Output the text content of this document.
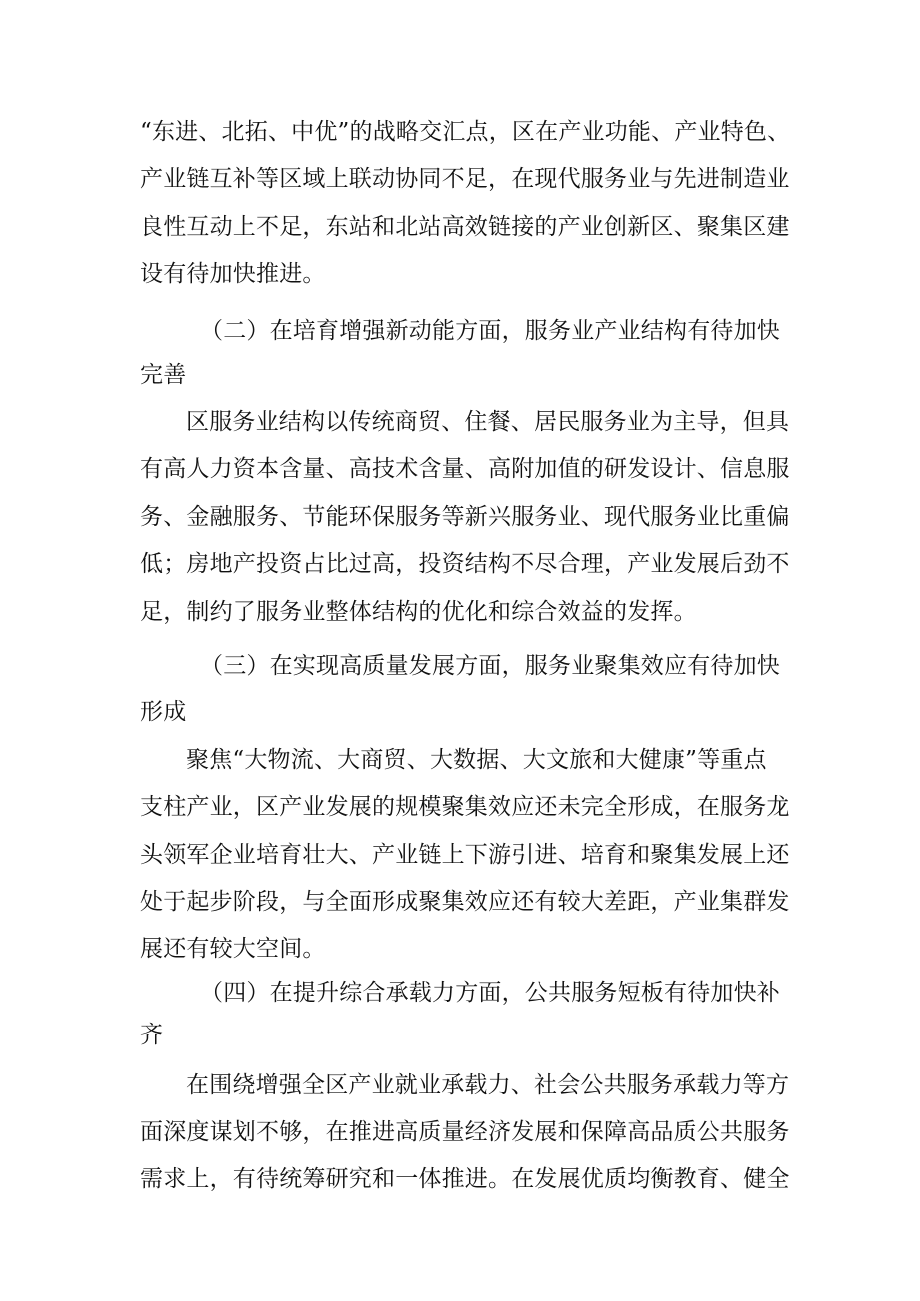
“东进、北拓、中优”的战略交汇点，区在产业功能、产业特色、
产业链互补等区域上联动协同不足，在现代服务业与先进制造业
良性互动上不足，东站和北站高效链接的产业创新区、聚集区建
设有待加快推进。
（二）在培育增强新动能方面，服务业产业结构有待加快
完善
区服务业结构以传统商贸、住餐、居民服务业为主导，但具
有高人力资本含量、高技术含量、高附加值的研发设计、信息服
务、金融服务、节能环保服务等新兴服务业、现代服务业比重偏
低；房地产投资占比过高，投资结构不尽合理，产业发展后劲不
足，制约了服务业整体结构的优化和综合效益的发挥。
（三）在实现高质量发展方面，服务业聚集效应有待加快
形成
聚焦“大物流、大商贸、大数据、大文旅和大健康”等重点
支柱产业，区产业发展的规模聚集效应还未完全形成，在服务龙
头领军企业培育壮大、产业链上下游引进、培育和聚集发展上还
处于起步阶段，与全面形成聚集效应还有较大差距，产业集群发
展还有较大空间。
（四）在提升综合承载力方面，公共服务短板有待加快补
齐
在围绕增强全区产业就业承载力、社会公共服务承载力等方
面深度谋划不够，在推进高质量经济发展和保障高品质公共服务
需求上，有待统筹研究和一体推进。在发展优质均衡教育、健全
